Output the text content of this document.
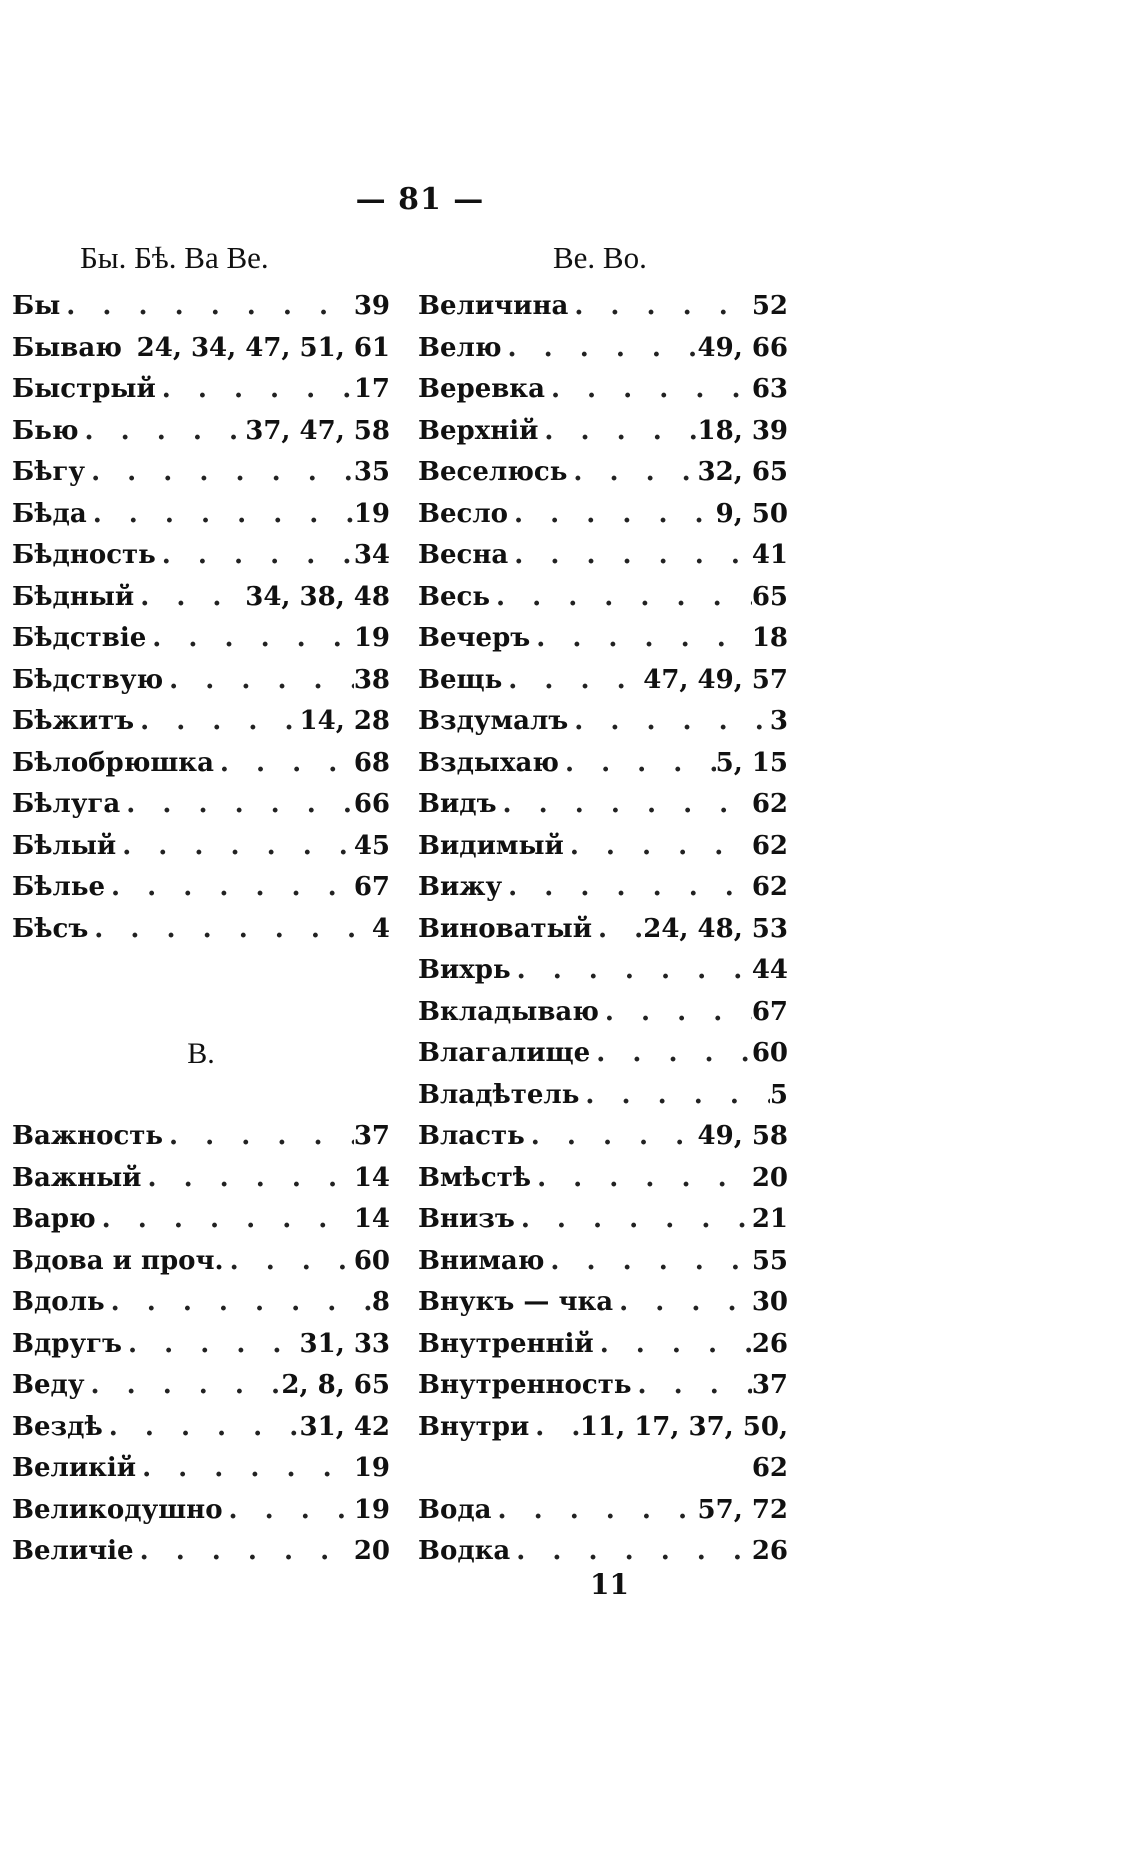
— 81 —
Бы. Бѣ. Ва Ве.	Ве. Во.
Бы . . .	39
Бываю 24, 34, 47, 51, 61
Быстрый . . .	17
Бью . . .	37, 47, 58
Бѣгу . . .	35
Бѣда . . .	19
Бѣдность . . .	34
Бѣдный . . .	34, 38, 48
Бѣдствіе . . .	19
Бѣдствую . . .	38
Бѣжитъ . . .	14, 28
Бѣлобрюшка . . .	68
Бѣлуга . . .	66
Бѣлый . . .	45
Бѣлье . . .	67
Бѣсъ . . .	4
В.
Важность . . .	37
Важный . . .	14
Варю . . .	14
Вдова и проч. . . .	60
Вдоль . . .	8
Вдругъ . . .	31, 33
Веду . . .	2, 8, 65
Вездѣ . . .	31, 42
Великій . . .	19
Великодушно . . .	19
Величіе . . .	20
Величина . . .	52
Велю . . .	49, 66
Веревка . . .	63
Верхній . . .	18, 39
Веселюсь . . .	32, 65
Весло . . .	9, 50
Весна . . .	41
Весь . . .	65
Вечеръ . . .	18
Вещь . . .	47, 49, 57
Вздумалъ . . .	3
Вздыхаю . . .	5, 15
Видъ . . .	62
Видимый . . .	62
Вижу . . .	62
Виноватый . . . 24, 48, 53
Вихрь . . .	44
Вкладываю . . .	67
Влагалище . . .	60
Владѣтель . . .	5
Власть . . .	49, 58
Вмѣстѣ . . .	20
Внизъ . . .	21
Внимаю . . .	55
Внукъ — чка . . .	30
Внутренній . . .	26
Внутренность . . .	37
Внутри . . . 11, 17, 37, 50,
62
Вода . . .	57, 72
Водка . . .	26
11
